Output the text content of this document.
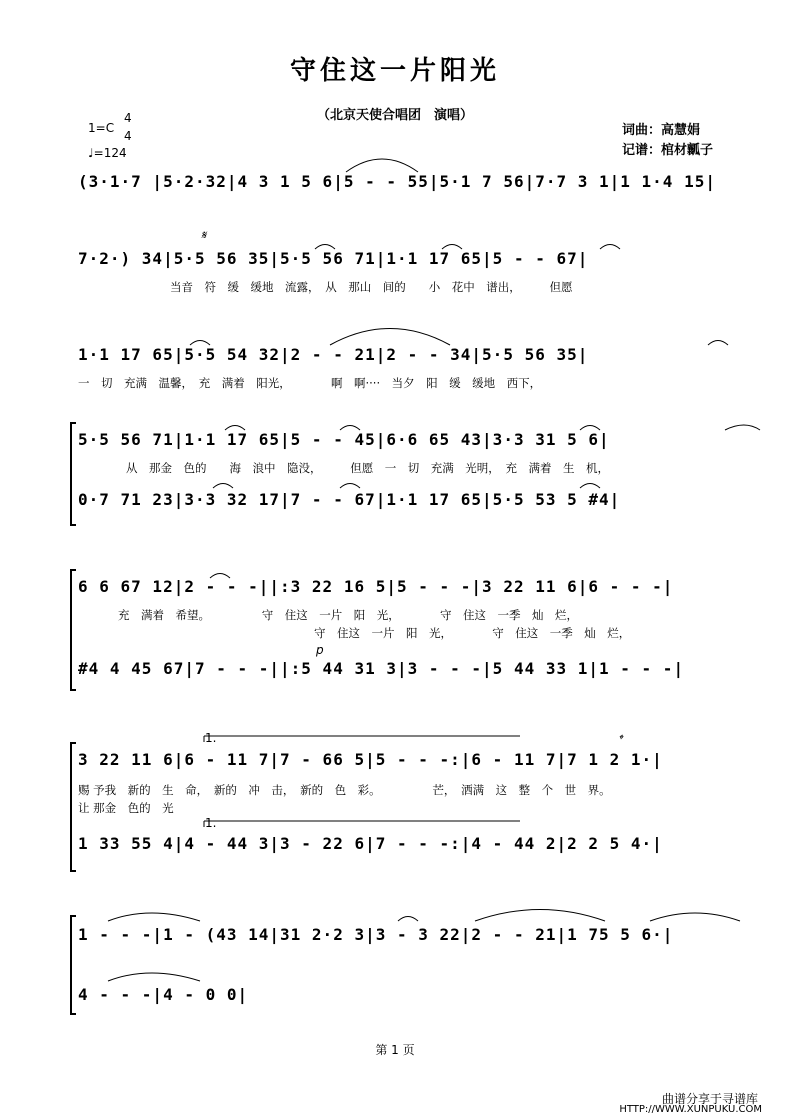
守住这一片阳光
（北京天使合唱团　演唱）
1=C
4
4
♩=124
词曲：高慧娟
记谱：棺材瓤子
(3·1·7 |5·2·32|4 3 1 5 6|5 - - 55|5·1 7 56|7·7 3 1|1 1·4 15|
7·2·) 34|5·5 56 35|5·5 56 71|1·1 17 65|5 - - 67|
当音　符　缓　缓地　流露，　从　那山　间的　　小　花中　谱出，　　　但愿
𝄋
1·1 17 65|5·5 54 32|2 - - 21|2 - - 34|5·5 56 35|
一　切　充满　温馨，　充　满着　阳光，　　　　啊　啊····　当夕　阳　缓　缓地　西下，
5·5 56 71|1·1 17 65|5 - - 45|6·6 65 43|3·3 31 5 6|
从　那金　色的　　海　浪中　隐没，　　　但愿　一　切　充满　光明，　充　满着　生　机，
0·7 71 23|3·3 32 17|7 - - 67|1·1 17 65|5·5 53 5 #4|
6 6 67 12|2 - - -||:3 22 16 5|5 - - -|3 22 11 6|6 - - -|
充　满着　希望。　　　　　守　住这　一片　阳　光，　　　　守　住这　一季　灿　烂，
守　住这　一片　阳　光，　　　　守　住这　一季　灿　烂，
#4 4 45 67|7 - - -||:5 44 31 3|3 - - -|5 44 33 1|1 - - -|
p
3 22 11 6|6 - 11 7|7 - 66 5|5 - - -:|6 - 11 7|7 1 2 1·|
赐 予我　新的　生　命，　新的　冲　击，　新的　色　彩。　　　　　芒，　洒满　这　整　个　世　界。
让 那金　色的　光
1 33 55 4|4 - 44 3|3 - 22 6|7 - - -:|4 - 44 2|2 2 5 4·|
1.
1.
𝄌
1 - - -|1 - (43 14|31 2·2 3|3 - 3 22|2 - - 21|1 75 5 6·|
4 - - -|4 - 0 0|
第 1 页
曲谱分享于寻谱库
HTTP://WWW.XUNPUKU.COM
